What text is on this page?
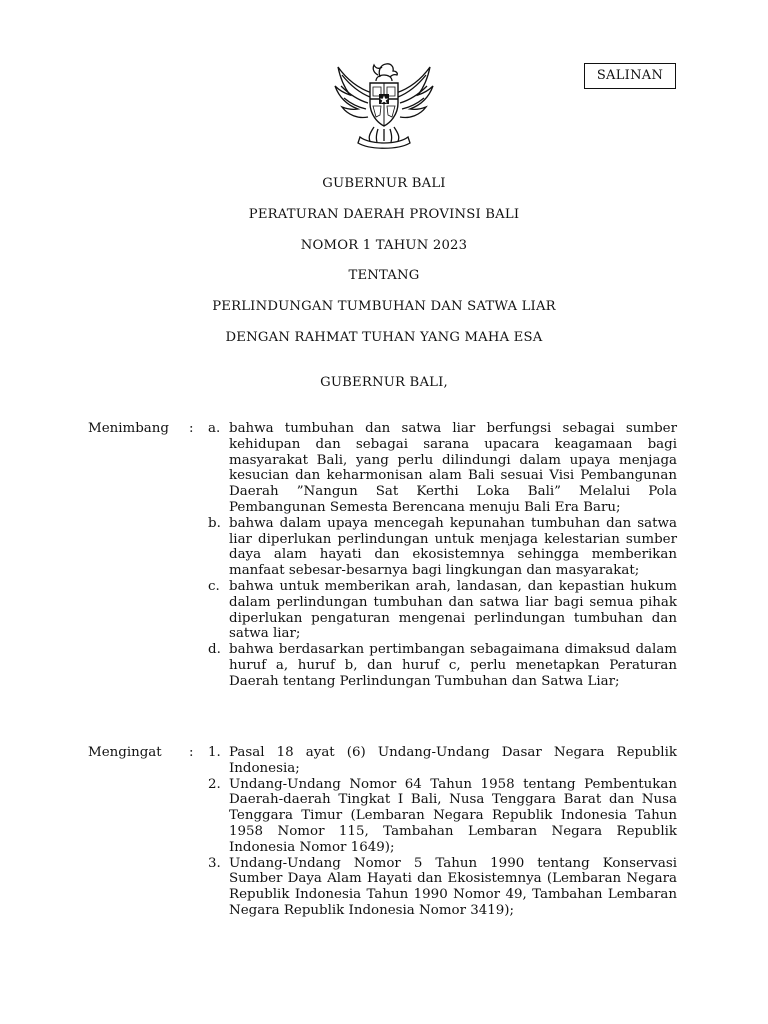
SALINAN
GUBERNUR BALI
PERATURAN DAERAH PROVINSI BALI
NOMOR 1 TAHUN 2023
TENTANG
PERLINDUNGAN TUMBUHAN DAN SATWA LIAR
DENGAN RAHMAT TUHAN YANG MAHA ESA
GUBERNUR BALI,
Menimbang : a. bahwa tumbuhan dan satwa liar berfungsi sebagai sumber kehidupan dan sebagai sarana upacara keagamaan bagi masyarakat Bali, yang perlu dilindungi dalam upaya menjaga kesucian dan keharmonisan alam Bali sesuai Visi Pembangunan Daerah ”Nangun Sat Kerthi Loka Bali” Melalui Pola Pembangunan Semesta Berencana menuju Bali Era Baru;
b. bahwa dalam upaya mencegah kepunahan tumbuhan dan satwa liar diperlukan perlindungan untuk menjaga kelestarian sumber daya alam hayati dan ekosistemnya sehingga memberikan manfaat sebesar-besarnya bagi lingkungan dan masyarakat;
c. bahwa untuk memberikan arah, landasan, dan kepastian hukum dalam perlindungan tumbuhan dan satwa liar bagi semua pihak diperlukan pengaturan mengenai perlindungan tumbuhan dan satwa liar;
d. bahwa berdasarkan pertimbangan sebagaimana dimaksud dalam huruf a, huruf b, dan huruf c, perlu menetapkan Peraturan Daerah tentang Perlindungan Tumbuhan dan Satwa Liar;
Mengingat : 1. Pasal 18 ayat (6) Undang-Undang Dasar Negara Republik Indonesia;
2. Undang-Undang Nomor 64 Tahun 1958 tentang Pembentukan Daerah-daerah Tingkat I Bali, Nusa Tenggara Barat dan Nusa Tenggara Timur (Lembaran Negara Republik Indonesia Tahun 1958 Nomor 115, Tambahan Lembaran Negara Republik Indonesia Nomor 1649);
3. Undang-Undang Nomor 5 Tahun 1990 tentang Konservasi Sumber Daya Alam Hayati dan Ekosistemnya (Lembaran Negara Republik Indonesia Tahun 1990 Nomor 49, Tambahan Lembaran Negara Republik Indonesia Nomor 3419);
